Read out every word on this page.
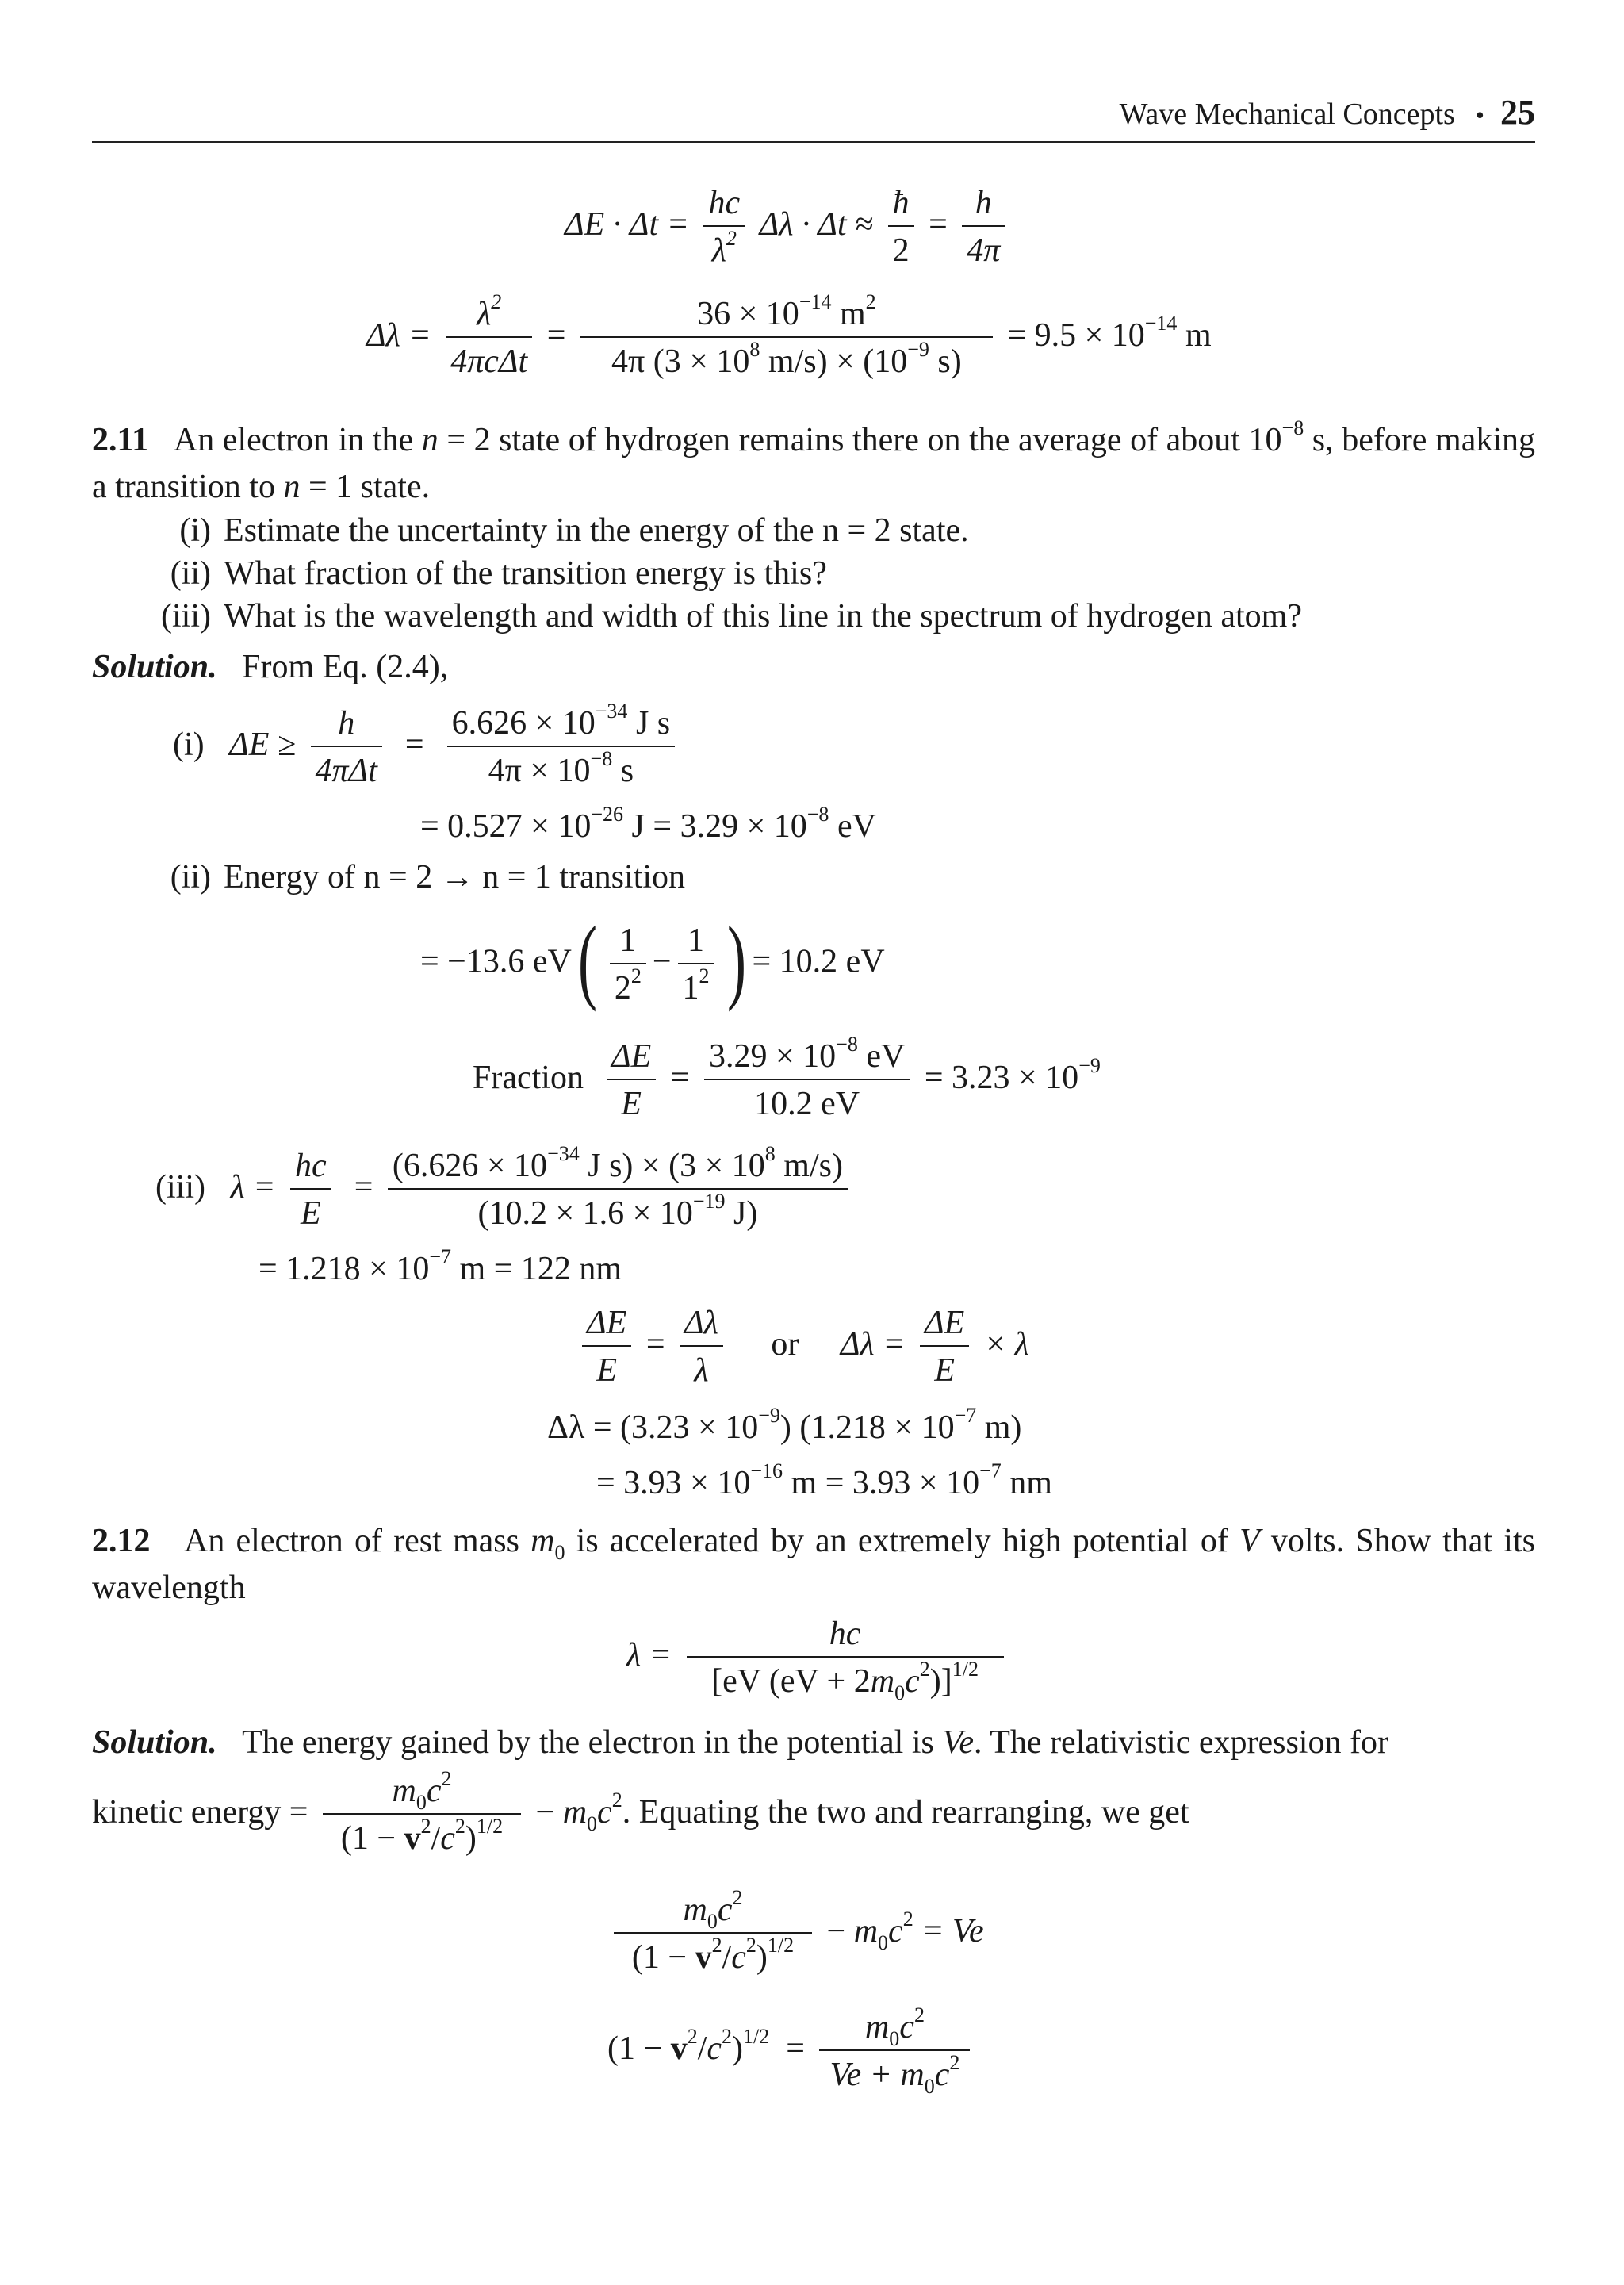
Wave Mechanical Concepts • 25
$\Delta E \cdot \Delta t = \frac{hc}{\lambda^2}$ $\Delta\lambda \cdot \Delta t \approx \frac{ħ}{2} = \frac{h}{4\pi}$
$\Delta\lambda = \frac{\lambda^2}{\text{4πcΔt}} = \frac{36 \times 10^{-14} m^2}{4\pi (3 \times 10^8 m/s) \times (10^{-9} s)} = 9.5 \times 10^{-14}$ m
2.11 An electron in the n = 2 state of hydrogen remains there on the average of about $10^{-8}$ s, before making a transition to n = 1 state.
(i) Estimate the uncertainty in the energy of the n = 2 state.
(ii) What fraction of the transition energy is this?
(iii) What is the wavelength and width of this line in the spectrum of hydrogen atom?
Solution. From Eq. (2.4),
(i) $\Delta E \ge \frac{h}{\text{4πΔt}} = \frac{6.626 \times 10^{-34} J s}{4\pi \times 10^{-8} s}$
= $0.527 \times 10^{-26}$ $J = 3.29 \times 10^{-8}$ eV
(ii) Energy of n = 2 → n = 1 transition
= −13.6 $eV( \frac{1}{2^2} - \frac{1}{1^2}$ ) = 10.2 eV
Fraction $\frac{\Delta E}{E} = \frac{3.29 \times 10^{-8} eV}{10.2 eV} = 3.23 \times 10^{-9}$
(iii) $\lambda = \frac{hc}{E} = \frac{(6.626 \times 10^{-34} J s) \times (3 \times 10^8 m/s)}{(10.2 \times 1.6 \times 10^{-19} J)}$
= $1.218 \times 10^{-7}$ m = 122 nm
$\frac{\Delta E}{E} = \frac{\Delta\lambda}{\lambda}$ or $\Delta\lambda = \frac{\Delta E}{E} \times \lambda$
$\Delta\lambda = (3.23 \times 10^{-9})$ ($1.218 \times 10^{-7}$ m)
= $3.93 \times 10^{-16}$ $m = 3.93 \times 10^{-7}$ nm
2.12 An electron of rest mass $m_0$ is accelerated by an extremely high potential of V volts. Show that its wavelength
$\lambda = \frac{hc}{[eV (eV + 2m_0c^2)]^{1/2}}$
Solution. The energy gained by the electron in the potential is Ve. The relativistic expression for
kinetic energy = $\frac{m_0c^2}{(1 - v^2/c^2)^{1/2}} - m_0c^2$. Equating the two and rearranging, we get
$\frac{m_0c^2}{(1 - v^2/c^2)^{1/2}} - m_0c^2 = Ve$
$(1 - v^2/c^2)^{1/2} = \frac{m_0c^2}{Ve + m_0c^2}$
